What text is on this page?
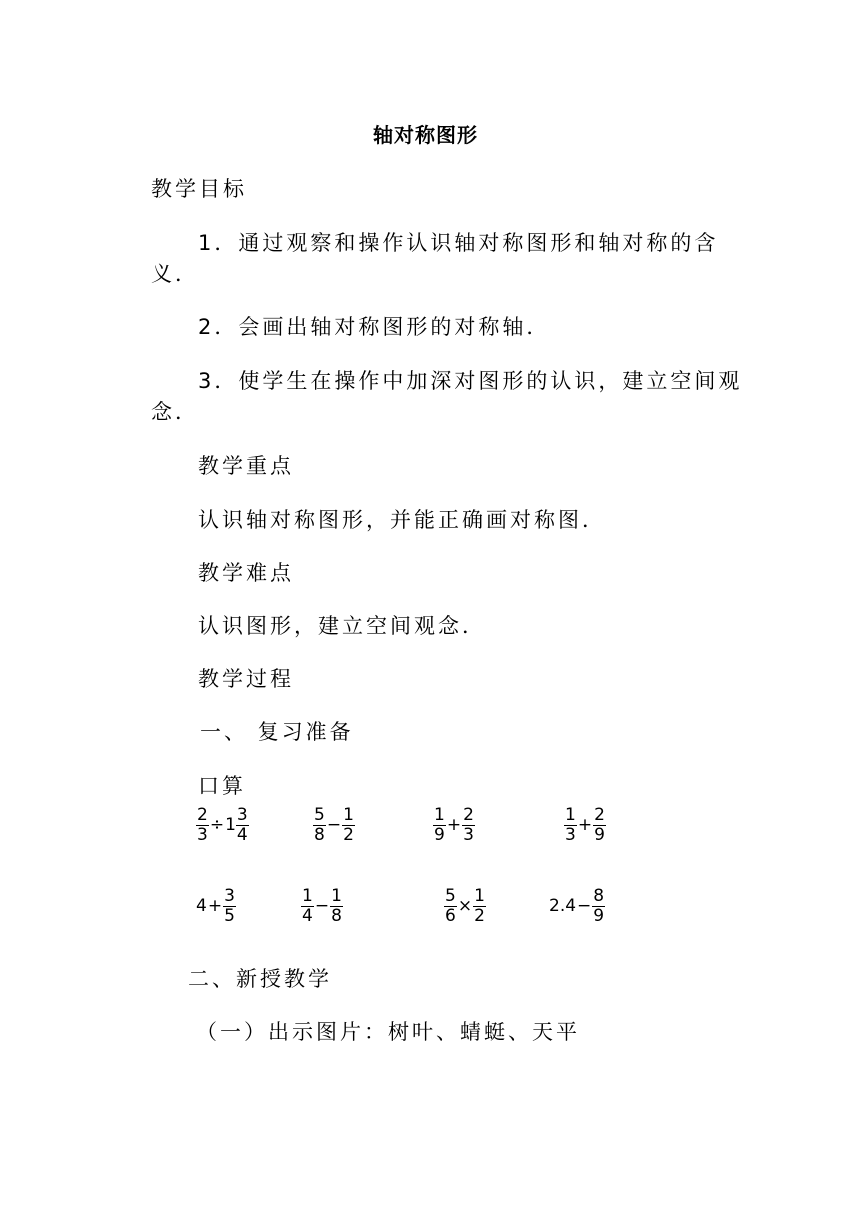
轴对称图形
教学目标
1．通过观察和操作认识轴对称图形和轴对称的含
义．
2．会画出轴对称图形的对称轴．
3．使学生在操作中加深对图形的认识，建立空间观
念．
教学重点
认识轴对称图形，并能正确画对称图．
教学难点
认识图形，建立空间观念．
教学过程
一、 复习准备
口算
$\frac{2}{3} \div 1 \frac{3}{4}$	$\frac{5}{8} - \frac{1}{2}$	$\frac{1}{9} + \frac{2}{3}$	$\frac{1}{3} + \frac{2}{9}$
$4 + \frac{3}{5}$	$\frac{1}{4} - \frac{1}{8}$	$\frac{5}{6} \times \frac{1}{2}$	$2.4 - \frac{8}{9}$
二、新授教学
（一）出示图片：树叶、蜻蜓、天平
